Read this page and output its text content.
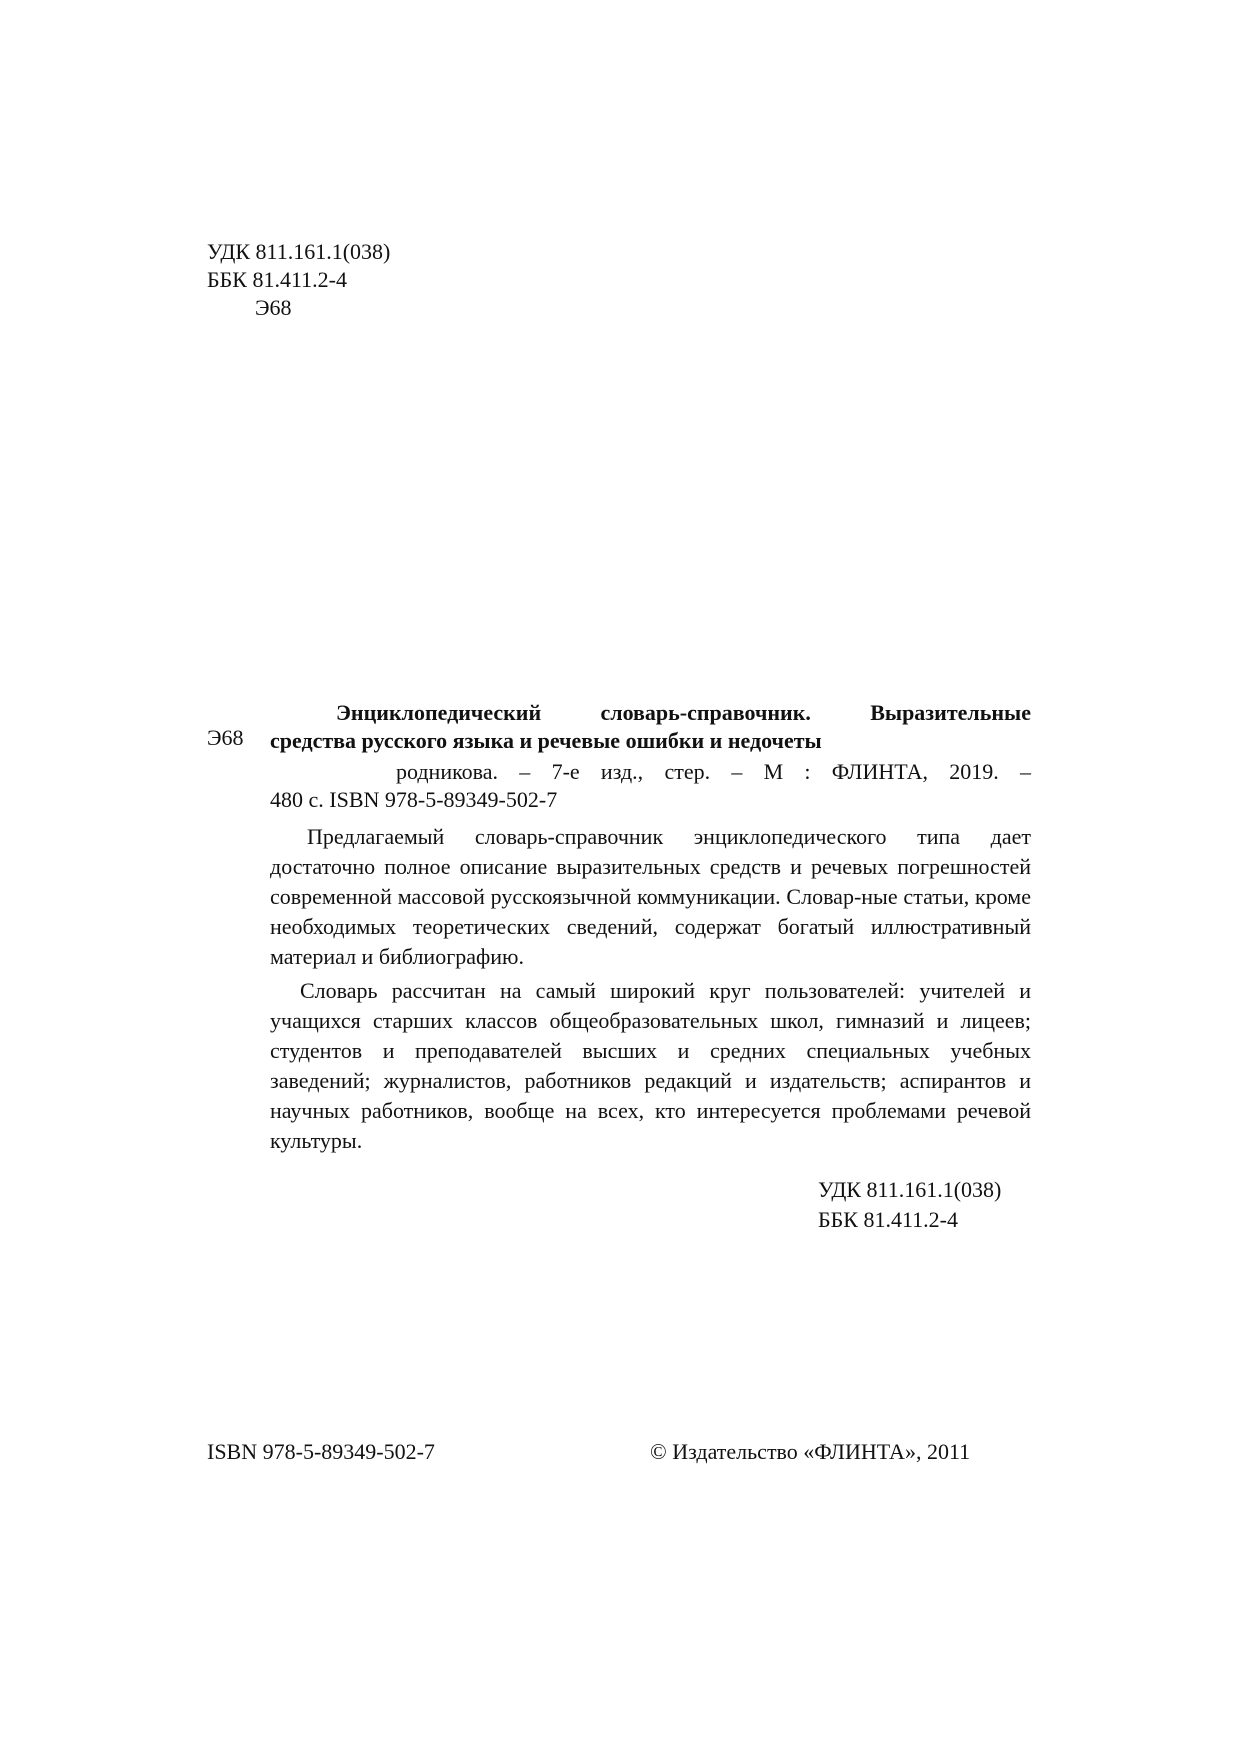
УДК 811.161.1(038)
ББК 81.411.2-4
Э68
Э68
Энциклопедический словарь-справочник. Выразительные
средства русского языка и речевые ошибки и недочеты
родникова. – 7-е изд., стер. – М : ФЛИНТА, 2019. –
480 с. ISBN 978-5-89349-502-7

Предлагаемый словарь-справочник энциклопедического типа дает достаточно полное описание выразительных средств и речевых погрешностей современной массовой русскоязычной коммуникации. Словар-ные статьи, кроме необходимых теоретических сведений, содержат богатый иллюстративный материал и библиографию.

Словарь рассчитан на самый широкий круг пользователей: учителей и учащихся старших классов общеобразовательных школ, гимназий и лицеев; студентов и преподавателей высших и средних специальных учебных заведений; журналистов, работников редакций и издательств; аспирантов и научных работников, вообще на всех, кто интересуется проблемами речевой культуры.

УДК 811.161.1(038)
ББК 81.411.2-4
ISBN 978-5-89349-502-7	© Издательство «ФЛИНТА», 2011
